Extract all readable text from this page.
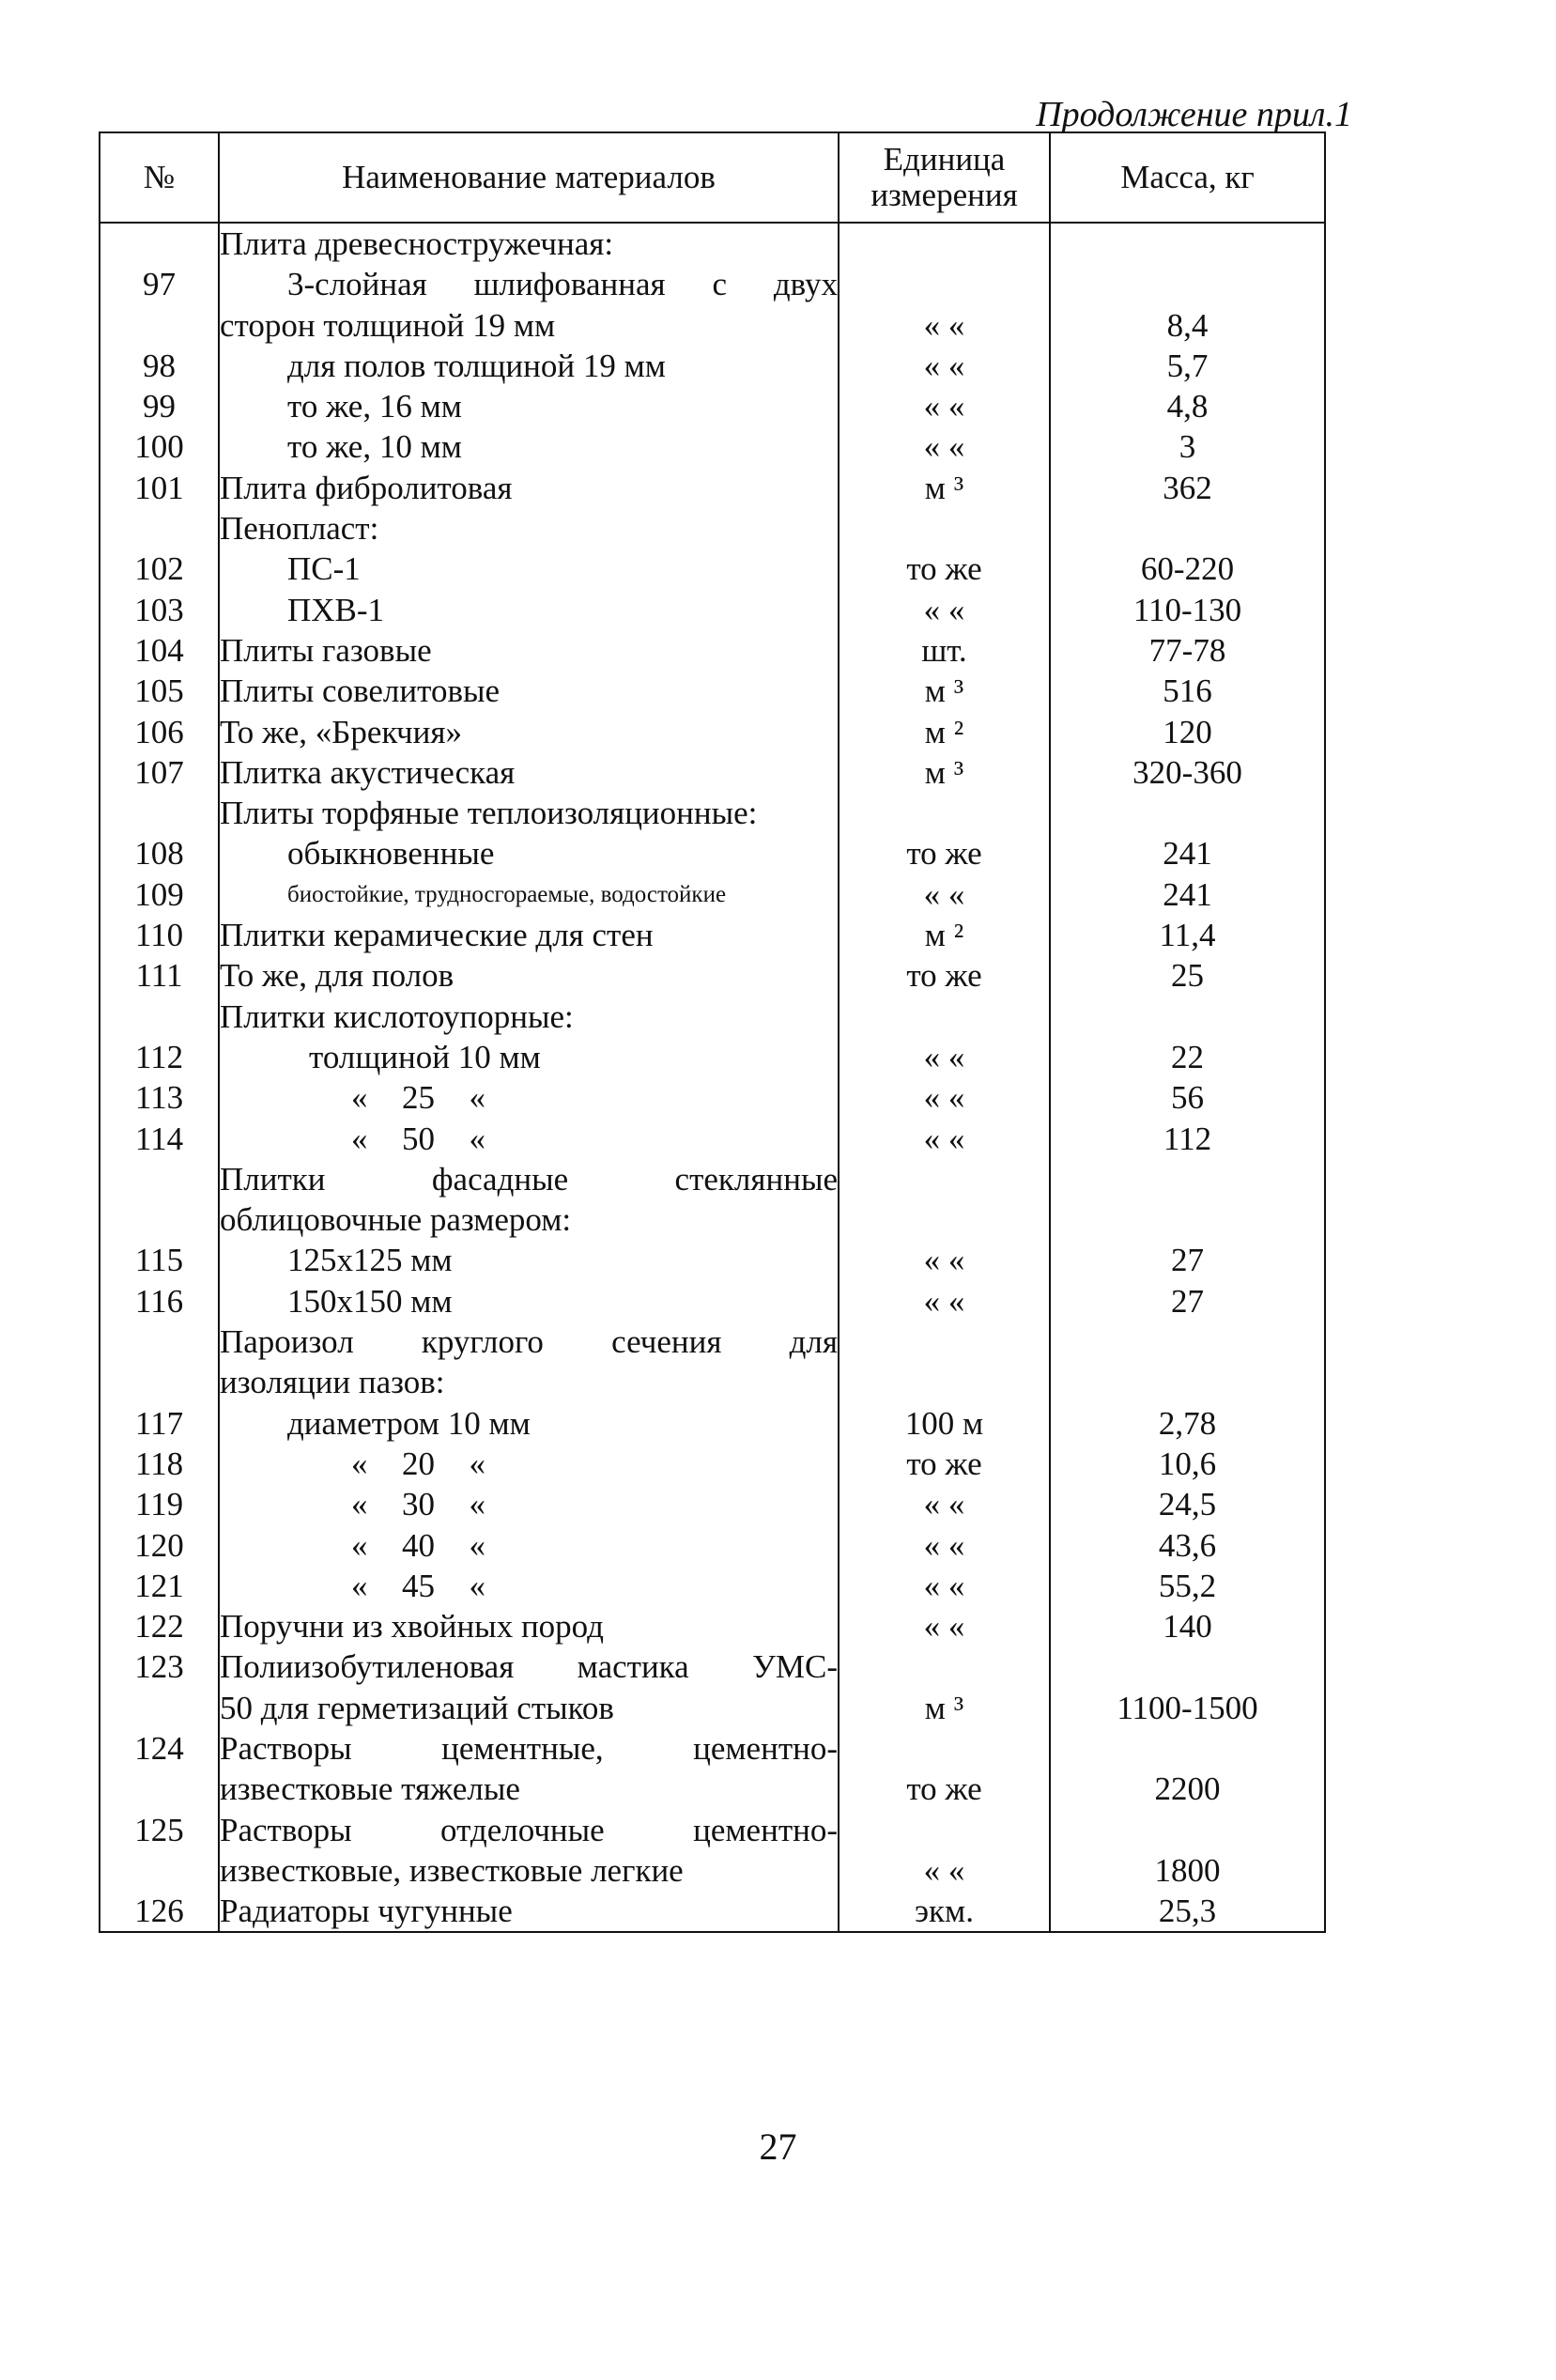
Продолжение прил.1
№	Наименование материалов	Единица измерения	Масса, кг
	Плита древесностружечная:		
97	3-слойная шлифованная с двух		
	сторон толщиной 19 мм	« «	8,4
98	для полов толщиной 19 мм	« «	5,7
99	то же, 16 мм	« «	4,8
100	то же, 10 мм	« «	3
101	Плита фибролитовая	м ³	362
	Пенопласт:		
102	ПС-1	то же	60-220
103	ПХВ-1	« «	110-130
104	Плиты газовые	шт.	77-78
105	Плиты совелитовые	м ³	516
106	То же, «Брекчия»	м ²	120
107	Плитка акустическая	м ³	320-360
	Плиты торфяные теплоизоляционные:		
108	обыкновенные	то же	241
109	биостойкие, трудносгораемые, водостойкие	« «	241
110	Плитки керамические для стен	м ²	11,4
111	То же, для полов	то же	25
	Плитки кислотоупорные:		
112	толщиной 10 мм	« «	22
113	« 25 «	« «	56
114	« 50 «	« «	112
	Плитки фасадные стеклянные		
	облицовочные размером:		
115	125x125 мм	« «	27
116	150x150 мм	« «	27
	Пароизол круглого сечения для		
	изоляции пазов:		
117	диаметром 10 мм	100 м	2,78
118	« 20 «	то же	10,6
119	« 30 «	« «	24,5
120	« 40 «	« «	43,6
121	« 45 «	« «	55,2
122	Поручни из хвойных пород	« «	140
123	Полиизобутиленовая мастика УМС-		
	50 для герметизаций стыков	м ³	1100-1500
124	Растворы цементные, цементно-		
	известковые тяжелые	то же	2200
125	Растворы отделочные цементно-		
	известковые, известковые легкие	« «	1800
126	Радиаторы чугунные	экм.	25,3
27
